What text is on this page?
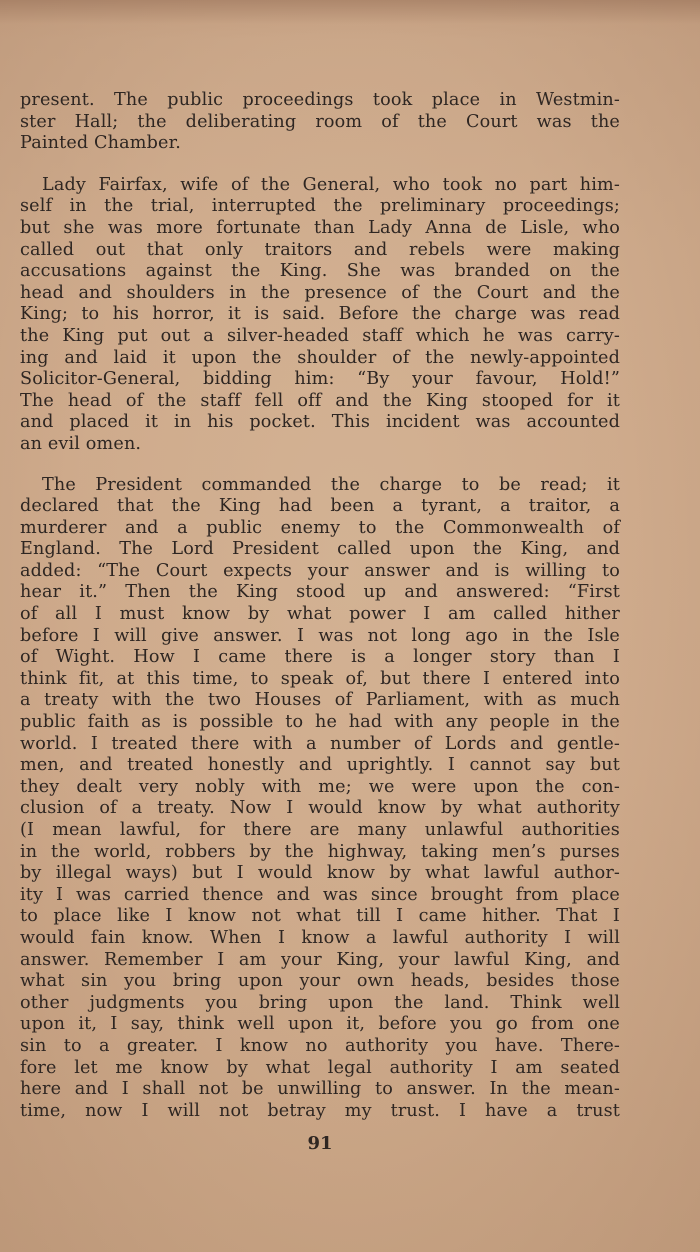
present. The public proceedings took place in Westmin-
ster Hall; the deliberating room of the Court was the
Painted Chamber.

Lady Fairfax, wife of the General, who took no part him-
self in the trial, interrupted the preliminary proceedings;
but she was more fortunate than Lady Anna de Lisle, who
called out that only traitors and rebels were making
accusations against the King. She was branded on the
head and shoulders in the presence of the Court and the
King; to his horror, it is said. Before the charge was read
the King put out a silver-headed staff which he was carry-
ing and laid it upon the shoulder of the newly-appointed
Solicitor-General, bidding him: “By your favour, Hold!”
The head of the staff fell off and the King stooped for it
and placed it in his pocket. This incident was accounted
an evil omen.

The President commanded the charge to be read; it
declared that the King had been a tyrant, a traitor, a
murderer and a public enemy to the Commonwealth of
England. The Lord President called upon the King, and
added: “The Court expects your answer and is willing to
hear it.” Then the King stood up and answered: “First
of all I must know by what power I am called hither
before I will give answer. I was not long ago in the Isle
of Wight. How I came there is a longer story than I
think fit, at this time, to speak of, but there I entered into
a treaty with the two Houses of Parliament, with as much
public faith as is possible to he had with any people in the
world. I treated there with a number of Lords and gentle-
men, and treated honestly and uprightly. I cannot say but
they dealt very nobly with me; we were upon the con-
clusion of a treaty. Now I would know by what authority
(I mean lawful, for there are many unlawful authorities
in the world, robbers by the highway, taking men’s purses
by illegal ways) but I would know by what lawful author-
ity I was carried thence and was since brought from place
to place like I know not what till I came hither. That I
would fain know. When I know a lawful authority I will
answer. Remember I am your King, your lawful King, and
what sin you bring upon your own heads, besides those
other judgments you bring upon the land. Think well
upon it, I say, think well upon it, before you go from one
sin to a greater. I know no authority you have. There-
fore let me know by what legal authority I am seated
here and I shall not be unwilling to answer. In the mean-
time, now I will not betray my trust. I have a trust

91
